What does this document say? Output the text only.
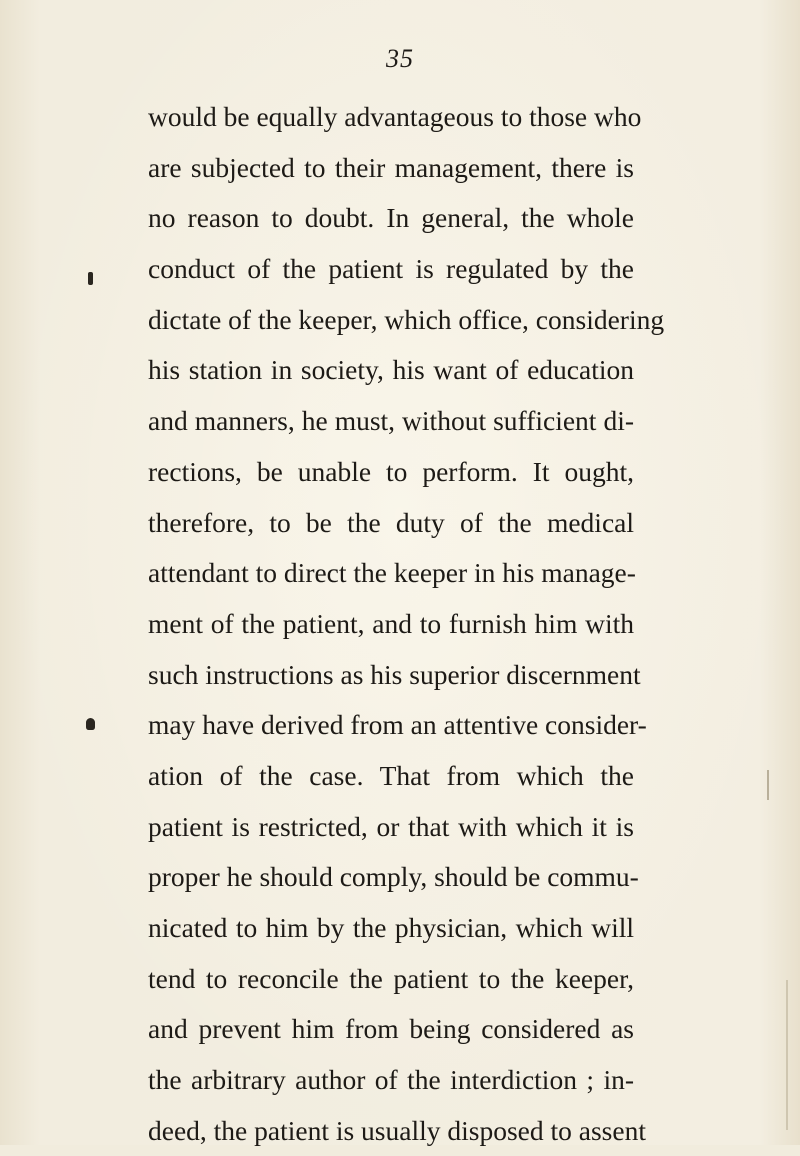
35
would be equally advantageous to those who
are subjected to their management, there is
no reason to doubt. In general, the whole
conduct of the patient is regulated by the
dictate of the keeper, which office, considering
his station in society, his want of education
and manners, he must, without sufficient di-
rections, be unable to perform. It ought,
therefore, to be the duty of the medical
attendant to direct the keeper in his manage-
ment of the patient, and to furnish him with
such instructions as his superior discernment
may have derived from an attentive consider-
ation of the case. That from which the
patient is restricted, or that with which it is
proper he should comply, should be commu-
nicated to him by the physician, which will
tend to reconcile the patient to the keeper,
and prevent him from being considered as
the arbitrary author of the interdiction ; in-
deed, the patient is usually disposed to assent
